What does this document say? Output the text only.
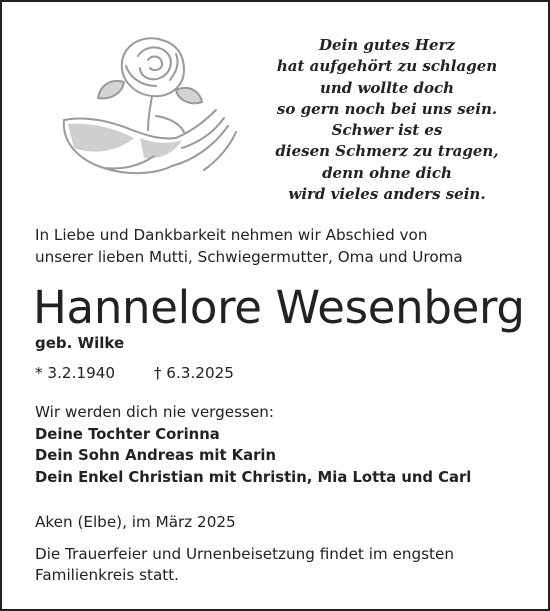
Dein gutes Herz
hat aufgehört zu schlagen
und wollte doch
so gern noch bei uns sein.
Schwer ist es
diesen Schmerz zu tragen,
denn ohne dich
wird vieles anders sein.
In Liebe und Dankbarkeit nehmen wir Abschied von
unserer lieben Mutti, Schwiegermutter, Oma und Uroma
Hannelore Wesenberg
geb. Wilke
* 3.2.1940	† 6.3.2025
Wir werden dich nie vergessen:
Deine Tochter Corinna
Dein Sohn Andreas mit Karin
Dein Enkel Christian mit Christin, Mia Lotta und Carl
Aken (Elbe), im März 2025
Die Trauerfeier und Urnenbeisetzung findet im engsten
Familienkreis statt.
